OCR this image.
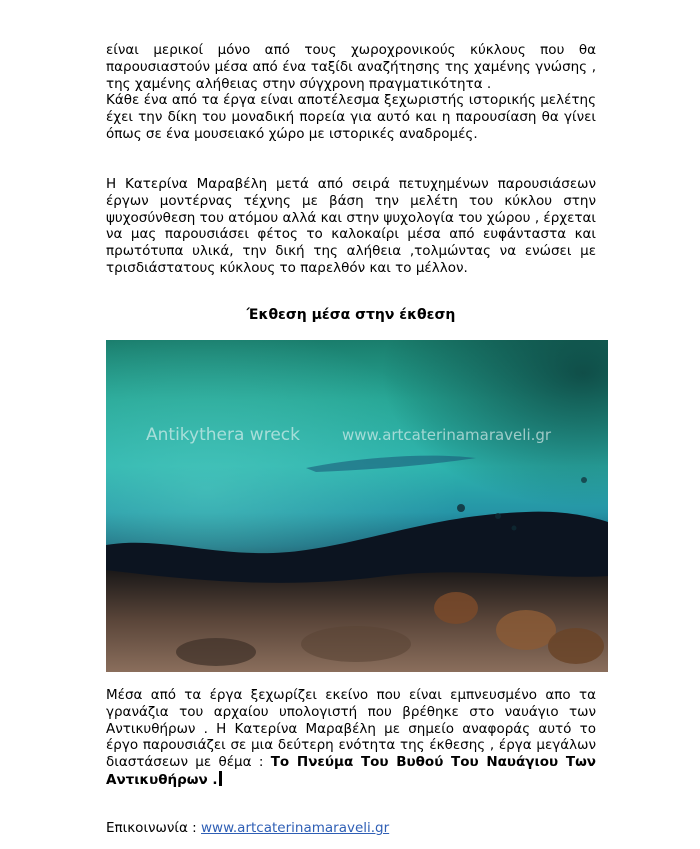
είναι μερικοί μόνο από τους χωροχρονικούς κύκλους που θα παρουσιαστούν μέσα από ένα ταξίδι αναζήτησης της χαμένης γνώσης , της χαμένης αλήθειας στην σύγχρονη πραγματικότητα .
Κάθε ένα από τα έργα είναι αποτέλεσμα ξεχωριστής ιστορικής μελέτης έχει την δίκη του μοναδική πορεία για αυτό και η παρουσίαση θα γίνει όπως σε ένα μουσειακό χώρο με ιστορικές αναδρομές.

Η Κατερίνα Μαραβέλη μετά από σειρά πετυχημένων παρουσιάσεων έργων μοντέρνας τέχνης με βάση την μελέτη του κύκλου στην ψυχοσύνθεση του ατόμου αλλά και στην ψυχολογία του χώρου , έρχεται να μας παρουσιάσει φέτος το καλοκαίρι μέσα από ευφάνταστα και πρωτότυπα υλικά, την δική της αλήθεια ,τολμώντας να ενώσει με τρισδιάστατους κύκλους το παρελθόν και το μέλλον.

Έκθεση μέσα στην έκθεση
Antikythera wreck	www.artcaterinamaraveli.gr

Μέσα από τα έργα ξεχωρίζει εκείνο που είναι εμπνευσμένο απο τα γρανάζια του αρχαίου υπολογιστή που βρέθηκε στο ναυάγιο των Αντικυθήρων . Η Κατερίνα Μαραβέλη με σημείο αναφοράς αυτό το έργο παρουσιάζει σε μια δεύτερη ενότητα της έκθεσης , έργα μεγάλων διαστάσεων με θέμα : Το Πνεύμα Του Βυθού Του Ναυάγιου Των Αντικυθήρων .

Επικοινωνία : www.artcaterinamaraveli.gr
